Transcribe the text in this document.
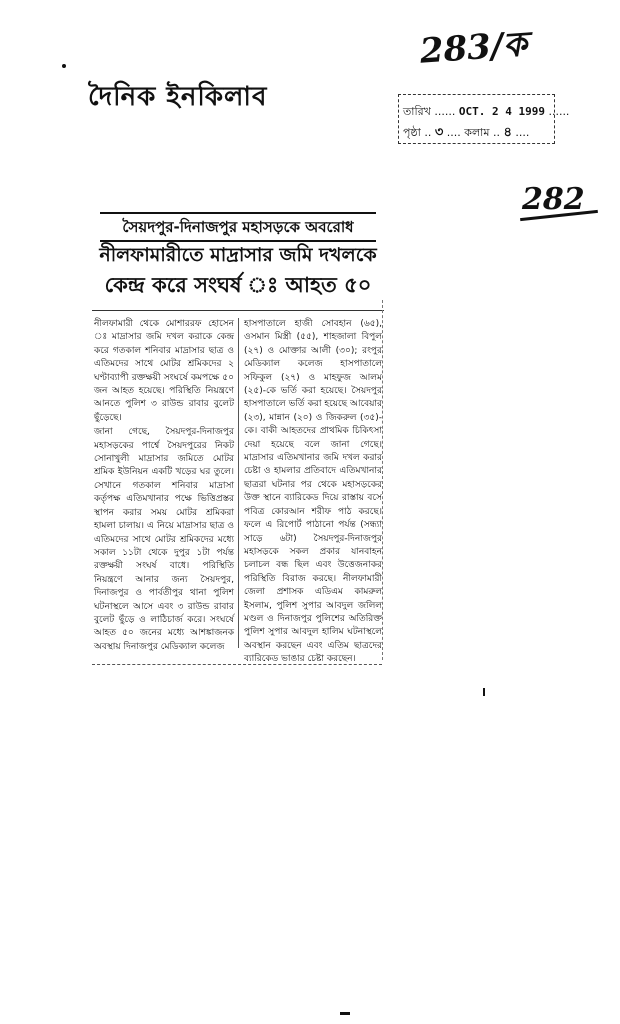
দৈনিক ইনকিলাব
283/ক
তারিখ ...... OCT. 2 4 1999 ......
পৃষ্ঠা .. ৩ .... কলাম .. ৪ ....
282
সৈয়দপুর-দিনাজপুর মহাসড়কে অবরোধ
নীলফামারীতে মাদ্রাসার জমি দখলকে
কেন্দ্র করে সংঘর্ষ ঃ আহত ৫০

নীলফামারী থেকে মোশাররফ হোসেন ঃ মাদ্রাসার জমি দখল করাকে কেন্দ্র করে গতকাল শনিবার মাদ্রাসার ছাত্র ও এতিমদের সাথে মোটর শ্রমিকদের ২ ঘণ্টাব্যাপী রক্তক্ষয়ী সংঘর্ষে কমপক্ষে ৫০ জন আহত হয়েছে। পরিস্থিতি নিয়ন্ত্রণে আনতে পুলিশ ৩ রাউন্ড রাবার বুলেট ছুঁড়েছে।

জানা গেছে, সৈয়দপুর-দিনাজপুর মহাসড়কের পার্শ্বে সৈয়দপুরের নিকট সোনাখুলী মাদ্রাসার জমিতে মোটর শ্রমিক ইউনিয়ন একটি খড়ের ঘর তুলে। সেখানে গতকাল শনিবার মাদ্রাসা কর্তৃপক্ষ এতিমখানার পক্ষে ভিত্তিপ্রস্তর স্থাপন করার সময় মোটর শ্রমিকরা হামলা চালায়। এ নিয়ে মাদ্রাসার ছাত্র ও এতিমদের সাথে মোটর শ্রমিকদের মধ্যে সকাল ১১টা থেকে দুপুর ১টা পর্যন্ত রক্তক্ষয়ী সংঘর্ষ বাধে। পরিস্থিতি নিয়ন্ত্রণে আনার জন্য সৈয়দপুর, দিনাজপুর ও পার্বতীপুর থানা পুলিশ ঘটনাস্থলে আসে এবং ৩ রাউন্ড রাবার বুলেট ছুঁড়ে ও লাঠিচার্জ করে। সংঘর্ষে আহত ৫০ জনের মধ্যে আশঙ্কাজনক অবস্থায় দিনাজপুর মেডিক্যাল কলেজ

হাসপাতালে হাজী সোবহান (৬৫), ওসমান মিস্ত্রী (৫৫), শাহজালা বিপুল (২৭) ও মোক্তার আলী (৩০); রংপুর মেডিক্যাল কলেজ হাসপাতালে সফিকুল (২৭) ও মাহফুজ আলম (২৫)-কে ভর্তি করা হয়েছে। সৈয়দপুর হাসপাতালে ভর্তি করা হয়েছে আবেয়ার (২৩), মান্নান (২০) ও জিকরুল (৩৫)-কে। বাকী আহতদের প্রাথমিক চিকিৎসা দেয়া হয়েছে বলে জানা গেছে। মাদ্রাসার এতিমখানার জমি দখল করার চেষ্টা ও হামলার প্রতিবাদে এতিমখানার ছাত্ররা ঘটনার পর থেকে মহাসড়কের উক্ত স্থানে ব্যারিকেড দিয়ে রাস্তায় বসে পবিত্র কোরআন শরীফ পাঠ করছে। ফলে এ রিপোর্ট পাঠানো পর্যন্ত (সন্ধ্যা সাড়ে ৬টা) সৈয়দপুর-দিনাজপুর মহাসড়কে সকল প্রকার যানবাহন চলাচল বন্ধ ছিল এবং উত্তেজনাকর পরিস্থিতি বিরাজ করছে। নীলফামারী জেলা প্রশাসক এডিএম কামরুল ইসলাম, পুলিশ সুপার আবদুল জলিল মণ্ডল ও দিনাজপুর পুলিশের অতিরিক্ত পুলিশ সুপার আবদুল হালিম ঘটনাস্থলে অবস্থান করছেন এবং এতিম ছাত্রদের ব্যারিকেড ভাঙার চেষ্টা করছেন।
